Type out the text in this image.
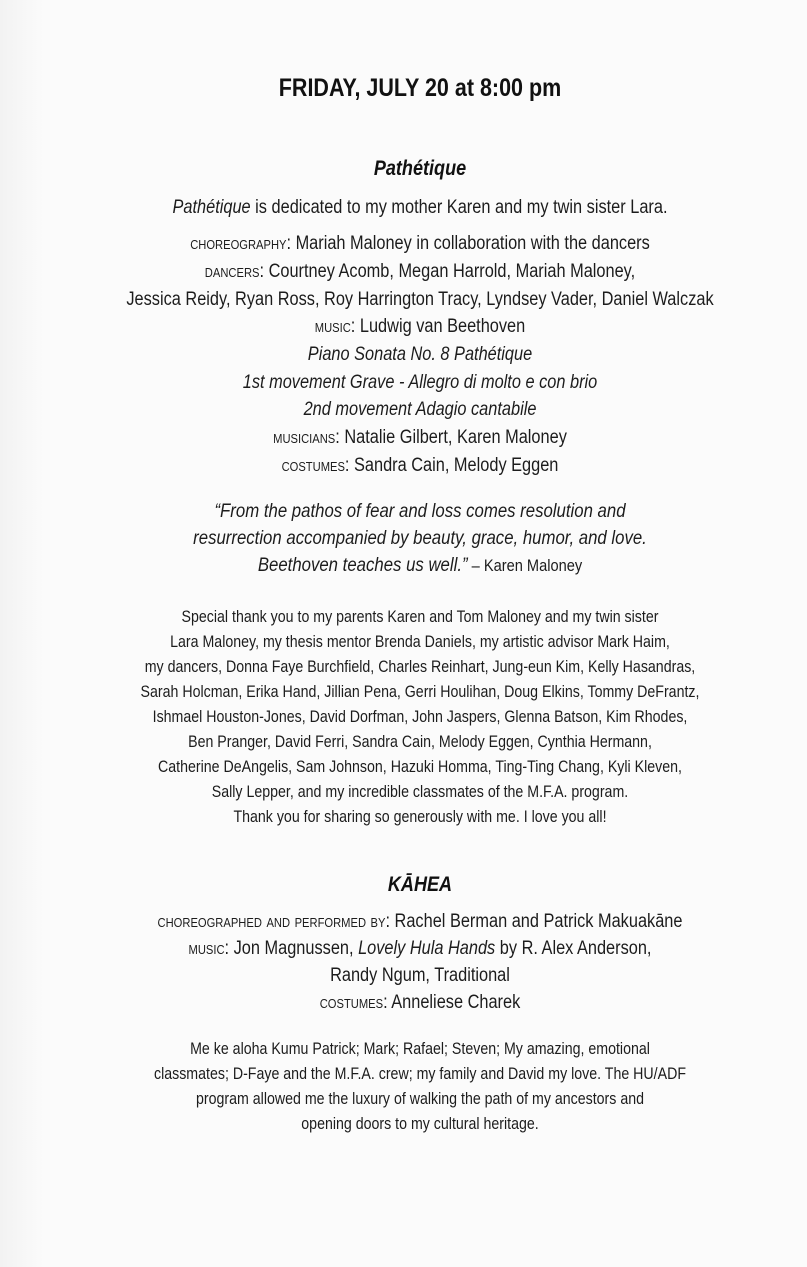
FRIDAY, JULY 20 at 8:00 pm
Pathétique
Pathétique is dedicated to my mother Karen and my twin sister Lara.
choreography: Mariah Maloney in collaboration with the dancers
dancers: Courtney Acomb, Megan Harrold, Mariah Maloney,
Jessica Reidy, Ryan Ross, Roy Harrington Tracy, Lyndsey Vader, Daniel Walczak
music: Ludwig van Beethoven
Piano Sonata No. 8 Pathétique
1st movement Grave - Allegro di molto e con brio
2nd movement Adagio cantabile
musicians: Natalie Gilbert, Karen Maloney
costumes: Sandra Cain, Melody Eggen
“From the pathos of fear and loss comes resolution and
resurrection accompanied by beauty, grace, humor, and love.
Beethoven teaches us well.” – Karen Maloney
Special thank you to my parents Karen and Tom Maloney and my twin sister
Lara Maloney, my thesis mentor Brenda Daniels, my artistic advisor Mark Haim,
my dancers, Donna Faye Burchfield, Charles Reinhart, Jung-eun Kim, Kelly Hasandras,
Sarah Holcman, Erika Hand, Jillian Pena, Gerri Houlihan, Doug Elkins, Tommy DeFrantz,
Ishmael Houston-Jones, David Dorfman, John Jaspers, Glenna Batson, Kim Rhodes,
Ben Pranger, David Ferri, Sandra Cain, Melody Eggen, Cynthia Hermann,
Catherine DeAngelis, Sam Johnson, Hazuki Homma, Ting-Ting Chang, Kyli Kleven,
Sally Lepper, and my incredible classmates of the M.F.A. program.
Thank you for sharing so generously with me. I love you all!
KĀHEA
choreographed and performed by: Rachel Berman and Patrick Makuakāne
music: Jon Magnussen, Lovely Hula Hands by R. Alex Anderson,
Randy Ngum, Traditional
costumes: Anneliese Charek
Me ke aloha Kumu Patrick; Mark; Rafael; Steven; My amazing, emotional
classmates; D-Faye and the M.F.A. crew; my family and David my love. The HU/ADF
program allowed me the luxury of walking the path of my ancestors and
opening doors to my cultural heritage.
